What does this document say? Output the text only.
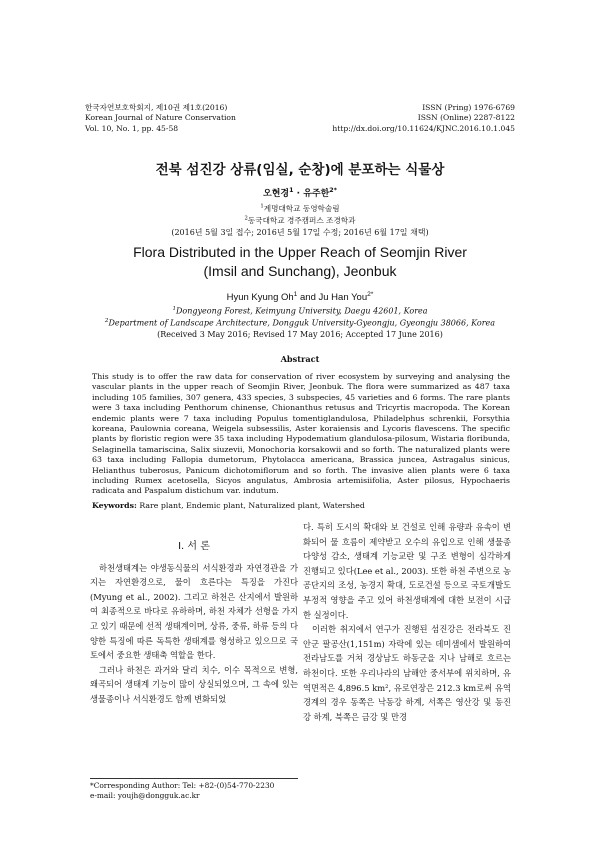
한국자연보호학회지, 제10권 제1호(2016)
Korean Journal of Nature Conservation
Vol. 10, No. 1, pp. 45-58
ISSN (Pring) 1976-6769
ISSN (Online) 2287-8122
http://dx.doi.org/10.11624/KJNC.2016.10.1.045
전북 섬진강 상류(임실, 순창)에 분포하는 식물상
오현경$^1$ · 유주한$^{2*}$
$^1$계명대학교 동영학술림
$^2$동국대학교 경주캠퍼스 조경학과
(2016년 5월 3일 접수; 2016년 5월 17일 수정; 2016년 6월 17일 채택)
Flora Distributed in the Upper Reach of Seomjin River
(Imsil and Sunchang), Jeonbuk
Hyun Kyung Oh$^1$ and Ju Han You$^{2*}$
$^1$Dongyeong Forest, Keimyung University, Daegu 42601, Korea
$^2$Department of Landscape Architecture, Dongguk University-Gyeongju, Gyeongju 38066, Korea
(Received 3 May 2016; Revised 17 May 2016; Accepted 17 June 2016)
Abstract
This study is to offer the raw data for conservation of river ecosystem by surveying and analysing the vascular plants in the upper reach of Seomjin River, Jeonbuk. The flora were summarized as 487 taxa including 105 families, 307 genera, 433 species, 3 subspecies, 45 varieties and 6 forms. The rare plants were 3 taxa including Penthorum chinense, Chionanthus retusus and Tricyrtis macropoda. The Korean endemic plants were 7 taxa including Populus tomentiglandulosa, Philadelphus schrenkii, Forsythia koreana, Paulownia coreana, Weigela subsessilis, Aster koraiensis and Lycoris flavescens. The specific plants by floristic region were 35 taxa including Hypodematium glandulosa-pilosum, Wistaria floribunda, Selaginella tamariscina, Salix siuzevii, Monochoria korsakowii and so forth. The naturalized plants were 63 taxa including Fallopia dumetorum, Phytolacca americana, Brassica juncea, Astragalus sinicus, Helianthus tuberosus, Panicum dichotomiflorum and so forth. The invasive alien plants were 6 taxa including Rumex acetosella, Sicyos angulatus, Ambrosia artemisiifolia, Aster pilosus, Hypochaeris radicata and Paspalum distichum var. indutum.
Keywords: Rare plant, Endemic plant, Naturalized plant, Watershed
I. 서 론

하천생태계는 야생동식물의 서식환경과 자연경관을 가지는 자연환경으로, 물이 흐른다는 특징을 가진다 (Myung et al., 2002). 그리고 하천은 산지에서 발원하여 최종적으로 바다로 유하하며, 하천 자체가 선형을 가지고 있기 때문에 선적 생태계이며, 상류, 중류, 하류 등의 다양한 특징에 따른 독특한 생태계를 형성하고 있으므로 국토에서 중요한 생태축 역할을 한다.

그러나 하천은 과거와 달리 치수, 이수 목적으로 변형, 왜곡되어 생태계 기능이 많이 상실되었으며, 그 속에 있는 생물종이나 서식환경도 함께 변화되었

다. 특히 도시의 확대와 보 건설로 인해 유량과 유속이 변화되어 물 흐름이 제약받고 오수의 유입으로 인해 생물종다양성 감소, 생태계 기능교란 및 구조 변형이 심각하게 진행되고 있다(Lee et al., 2003). 또한 하천 주변으로 농공단지의 조성, 농경지 확대, 도로건설 등으로 국토개발도 부정적 영향을 주고 있어 하천생태계에 대한 보전이 시급한 실정이다.

이러한 취지에서 연구가 진행된 섬진강은 전라북도 진안군 팔공산(1,151m) 자락에 있는 데미샘에서 발원하여 전라남도를 거쳐 경상남도 하동군을 지나 남해로 흐르는 하천이다. 또한 우리나라의 남해안 중서부에 위치하며, 유역면적은 4,896.5 km², 유로연장은 212.3 km로써 유역경계의 경우 동쪽은 낙동강 하계, 서쪽은 영산강 및 동진강 하계, 북쪽은 금강 및 만경

*Corresponding Author: Tel: +82-(0)54-770-2230
e-mail: youjh@dongguk.ac.kr
